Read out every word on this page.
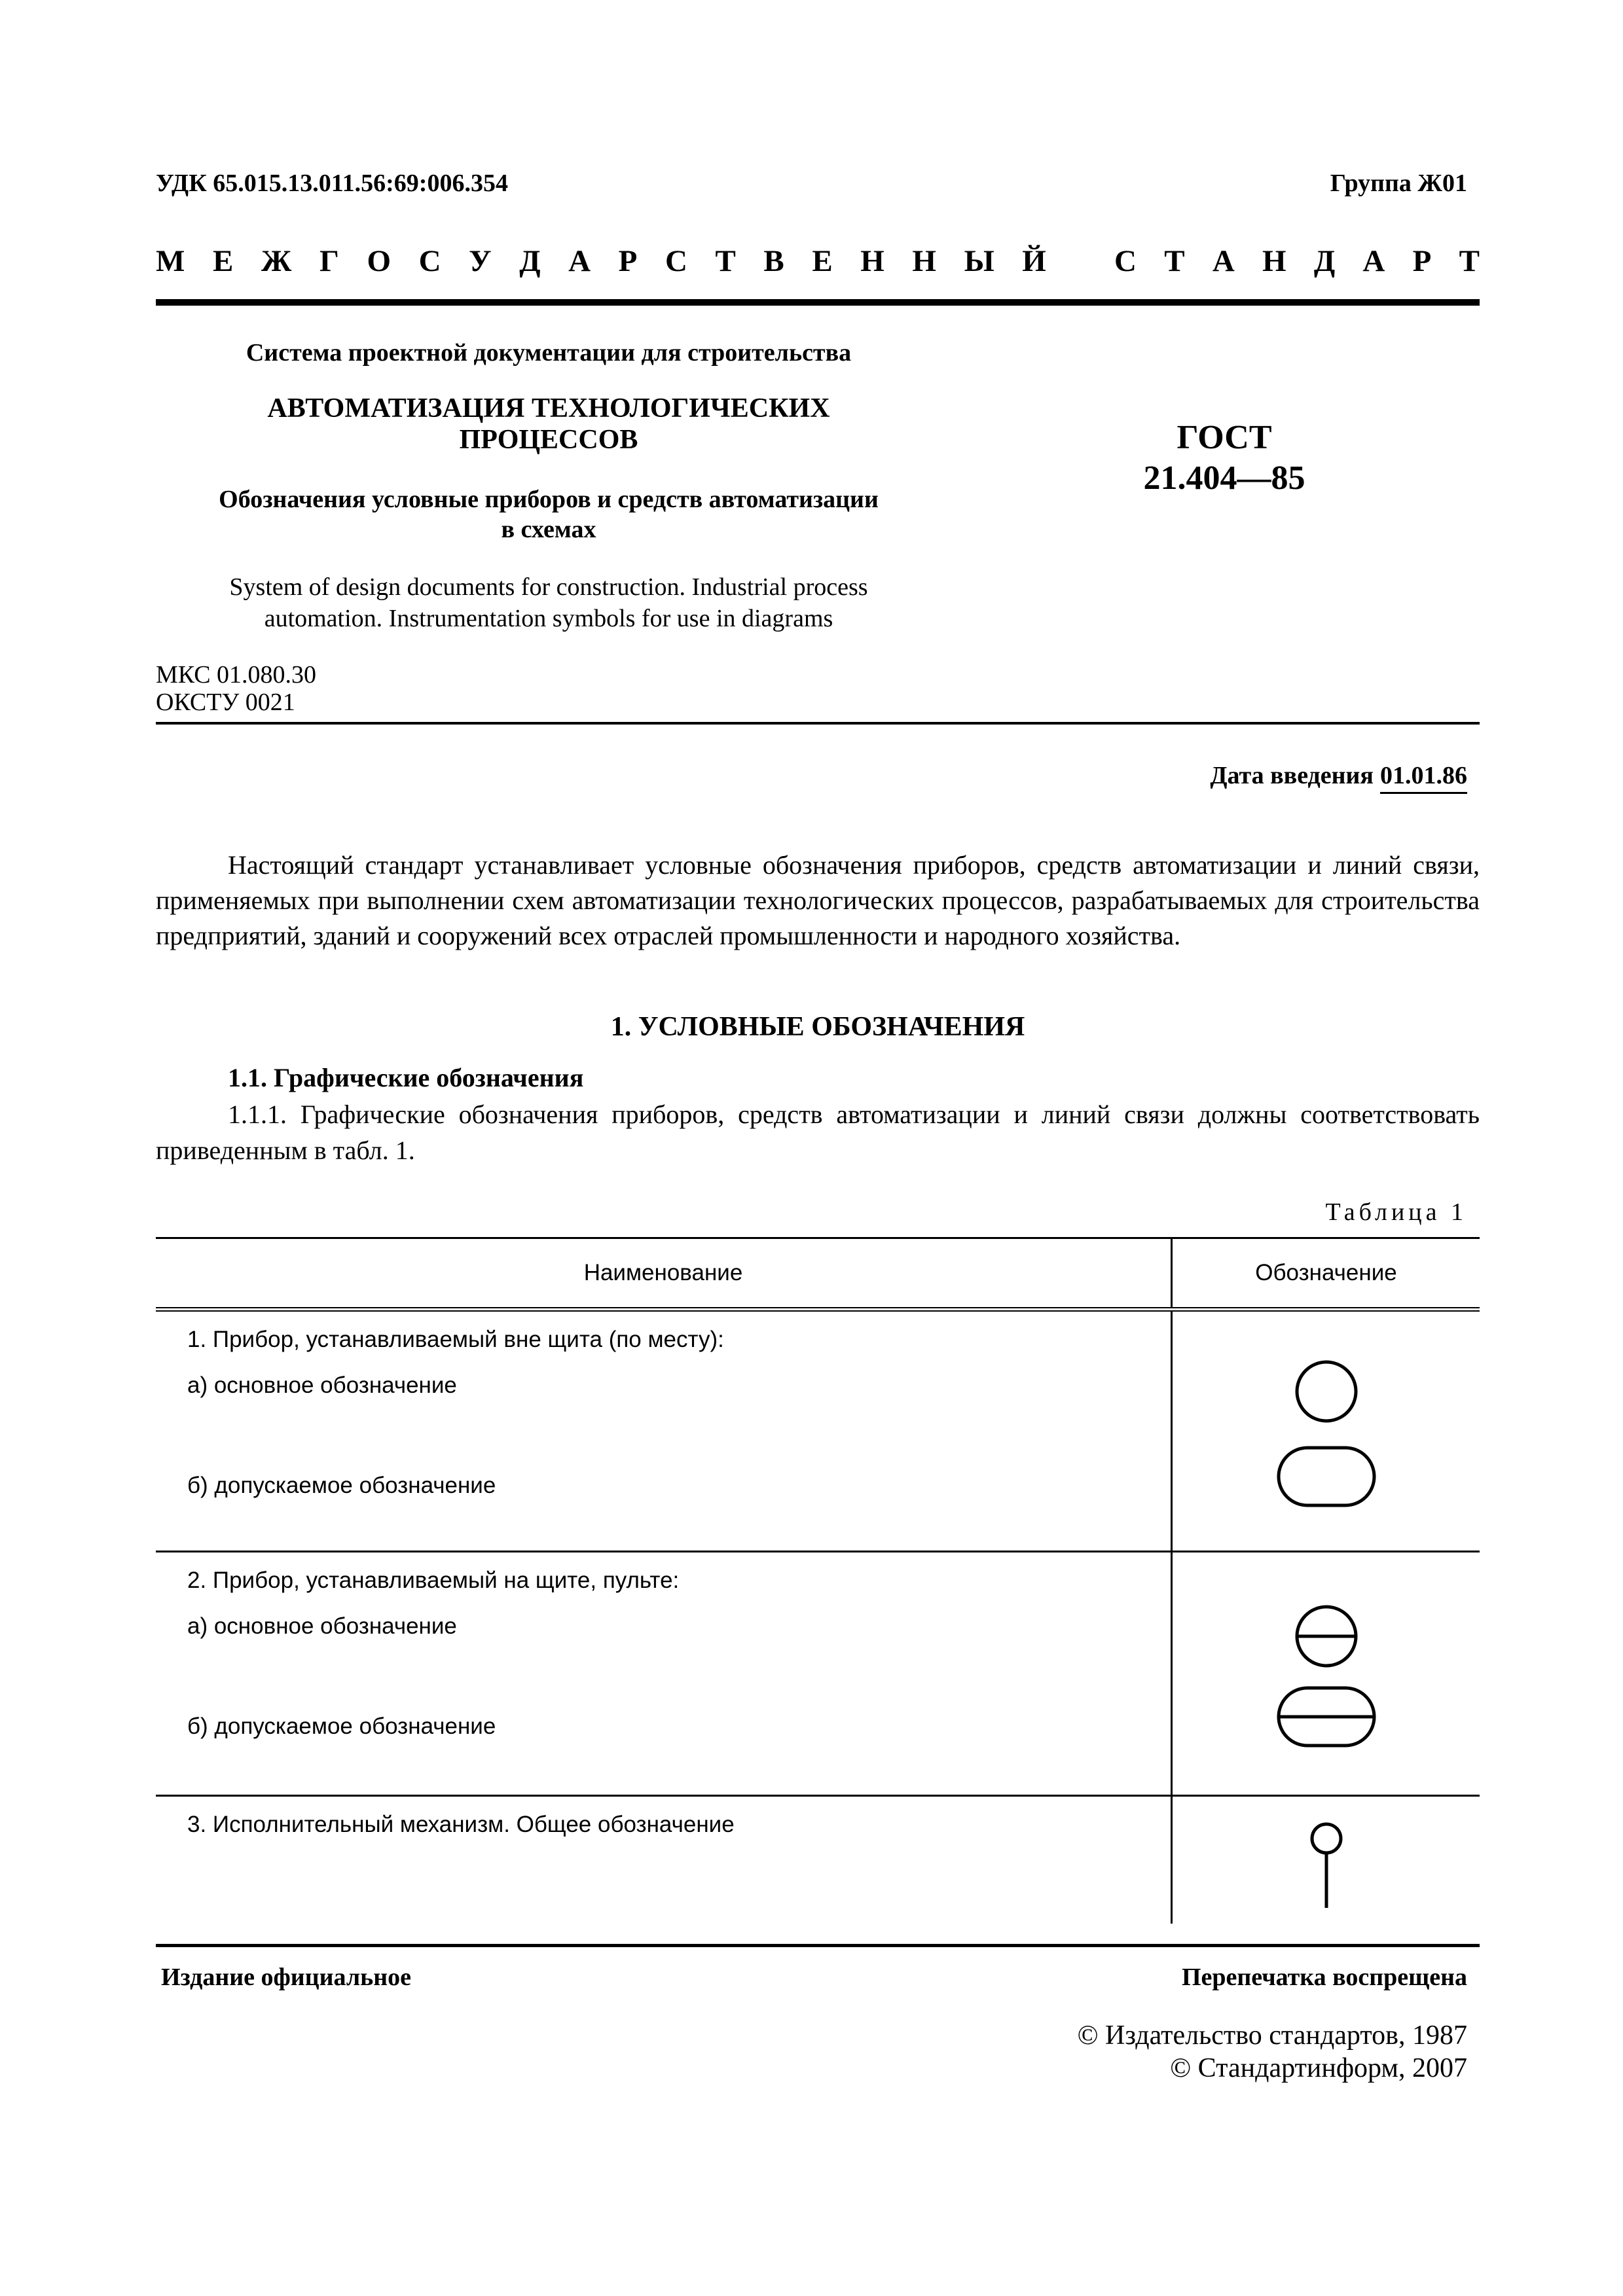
УДК 65.015.13.011.56:69:006.354	Группа Ж01
М Е Ж Г О С У Д А Р С Т В Е Н Н Ы Й С Т А Н Д А Р Т
Система проектной документации для строительства
АВТОМАТИЗАЦИЯ ТЕХНОЛОГИЧЕСКИХ
ПРОЦЕССОВ
Обозначения условные приборов и средств автоматизации
в схемах
System of design documents for construction. Industrial process
automation. Instrumentation symbols for use in diagrams
ГОСТ
21.404—85
МКС 01.080.30
ОКСТУ 0021
Дата введения 01.01.86

Настоящий стандарт устанавливает условные обозначения приборов, средств автоматизации и линий связи, применяемых при выполнении схем автоматизации технологических процессов, разрабатываемых для строительства предприятий, зданий и сооружений всех отраслей промышленности и народного хозяйства.

1. УСЛОВНЫЕ ОБОЗНАЧЕНИЯ
1.1. Графические обозначения

1.1.1. Графические обозначения приборов, средств автоматизации и линий связи должны соответствовать приведенным в табл. 1.

Таблица 1
Наименование	Обозначение

1. Прибор, устанавливаемый вне щита (по месту):
а) основное обозначение
б) допускаемое обозначение

2. Прибор, устанавливаемый на щите, пульте:
а) основное обозначение
б) допускаемое обозначение

3. Исполнительный механизм. Общее обозначение

Издание официальное	Перепечатка воспрещена
© Издательство стандартов, 1987
© Стандартинформ, 2007
